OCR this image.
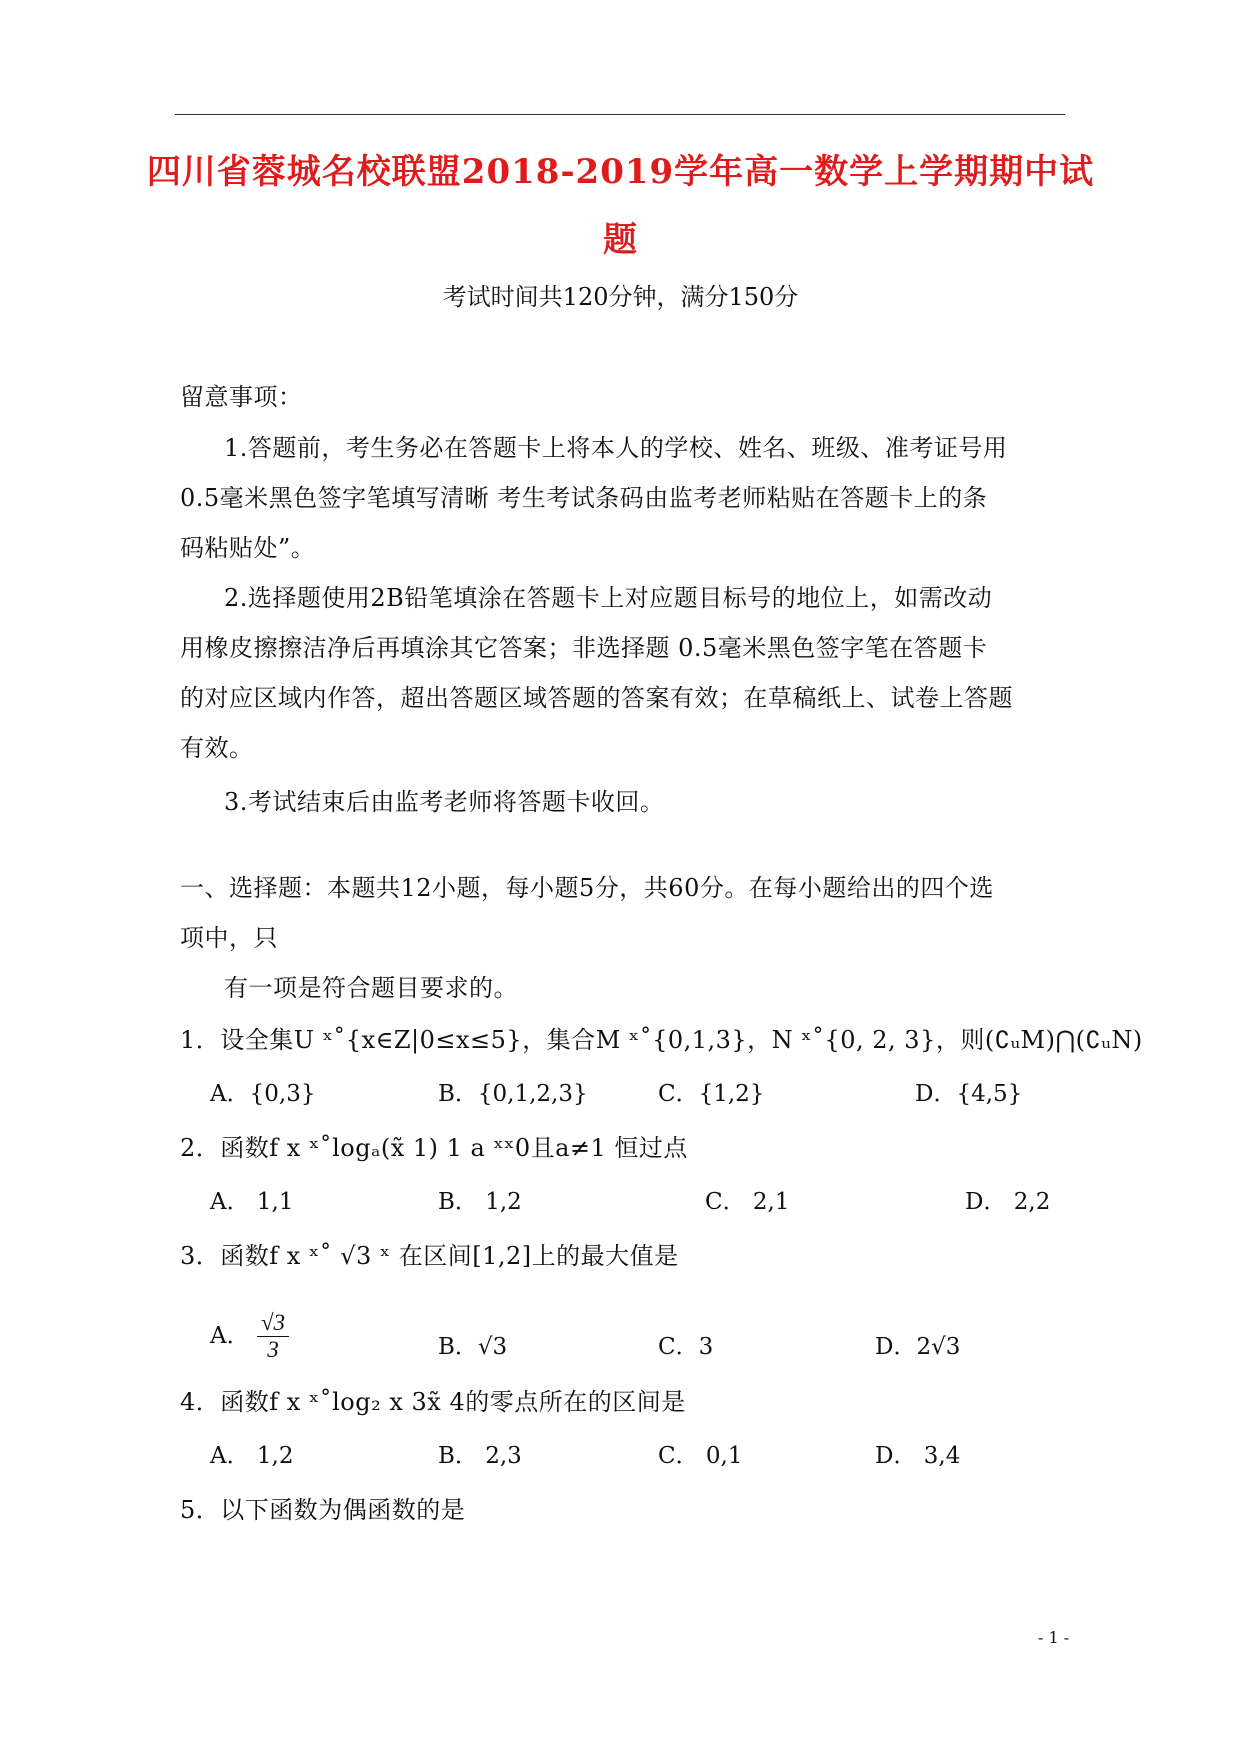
四川省蓉城名校联盟2018-2019学年高一数学上学期期中试
题
考试时间共120分钟，满分150分
留意事项：
1.答题前，考生务必在答题卡上将本人的学校、姓名、班级、准考证号用
0.5毫米黑色签字笔填写清晰 考生考试条码由监考老师粘贴在答题卡上的条
码粘贴处”。
2.选择题使用2B铅笔填涂在答题卡上对应题目标号的地位上，如需改动
用橡皮擦擦洁净后再填涂其它答案；非选择题 0.5毫米黑色签字笔在答题卡
的对应区域内作答，超出答题区域答题的答案有效；在草稿纸上、试卷上答题
有效。
3.考试结束后由监考老师将答题卡收回。
一、选择题：本题共12小题，每小题5分，共60分。在每小题给出的四个选
项中，只
有一项是符合题目要求的。
1．设全集U ˣ˚{x∈Z|0≤x≤5}，集合M ˣ˚{0,1,3}，N ˣ˚{0, 2, 3}，则(∁ᵤM)⋂(∁ᵤN)
A．{0,3}	B．{0,1,2,3}	C．{1,2}	D．{4,5}
2．函数f x ˣ˚logₐ(x̃ 1) 1 a ˣˣ0且a≠1 恒过点
A． 1,1	B． 1,2	C． 2,1	D． 2,2
3．函数f x ˣ˚ √3 ˣ 在区间[1,2]上的最大值是
A． $\frac{√3}{3}$	B．√3	C．3	D．2√3
4．函数f x ˣ˚log₂ x 3x̃ 4的零点所在的区间是
A． 1,2	B． 2,3	C． 0,1	D． 3,4
5．以下函数为偶函数的是
- 1 -
